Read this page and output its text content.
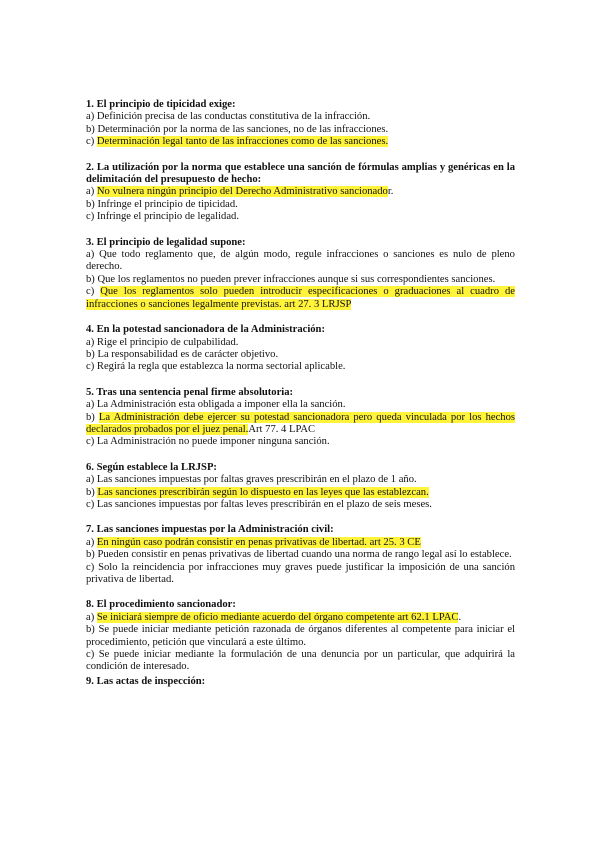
1. El principio de tipicidad exige:

a) Definición precisa de las conductas constitutiva de la infracción.

b) Determinación por la norma de las sanciones, no de las infracciones.

c) Determinación legal tanto de las infracciones como de las sanciones.

2. La utilización por la norma que establece una sanción de fórmulas amplias y genéricas en la delimitación del presupuesto de hecho:

a) No vulnera ningún principio del Derecho Administrativo sancionador.

b) Infringe el principio de tipicidad.

c) Infringe el principio de legalidad.

3. El principio de legalidad supone:

a) Que todo reglamento que, de algún modo, regule infracciones o sanciones es nulo de pleno derecho.

b) Que los reglamentos no pueden prever infracciones aunque si sus correspondientes sanciones.

c) Que los reglamentos solo pueden introducir especificaciones o graduaciones al cuadro de infracciones o sanciones legalmente previstas. art 27. 3 LRJSP

4. En la potestad sancionadora de la Administración:

a) Rige el principio de culpabilidad.

b) La responsabilidad es de carácter objetivo.

c) Regirá la regla que establezca la norma sectorial aplicable.

5. Tras una sentencia penal firme absolutoria:

a) La Administración esta obligada a imponer ella la sanción.

b) La Administración debe ejercer su potestad sancionadora pero queda vinculada por los hechos declarados probados por el juez penal.Art 77. 4 LPAC

c) La Administración no puede imponer ninguna sanción.

6. Según establece la LRJSP:

a) Las sanciones impuestas por faltas graves prescribirán en el plazo de 1 año.

b) Las sanciones prescribirán según lo dispuesto en las leyes que las establezcan.

c) Las sanciones impuestas por faltas leves prescribirán en el plazo de seis meses.

7. Las sanciones impuestas por la Administración civil:

a) En ningún caso podrán consistir en penas privativas de libertad. art 25. 3 CE

b) Pueden consistir en penas privativas de libertad cuando una norma de rango legal así lo establece.

c) Solo la reincidencia por infracciones muy graves puede justificar la imposición de una sanción privativa de libertad.

8. El procedimiento sancionador:

a) Se iniciará siempre de oficio mediante acuerdo del órgano competente art 62.1 LPAC.

b) Se puede iniciar mediante petición razonada de órganos diferentes al competente para iniciar el procedimiento, petición que vinculará a este último.

c) Se puede iniciar mediante la formulación de una denuncia por un particular, que adquirirá la condición de interesado.

9. Las actas de inspección:
